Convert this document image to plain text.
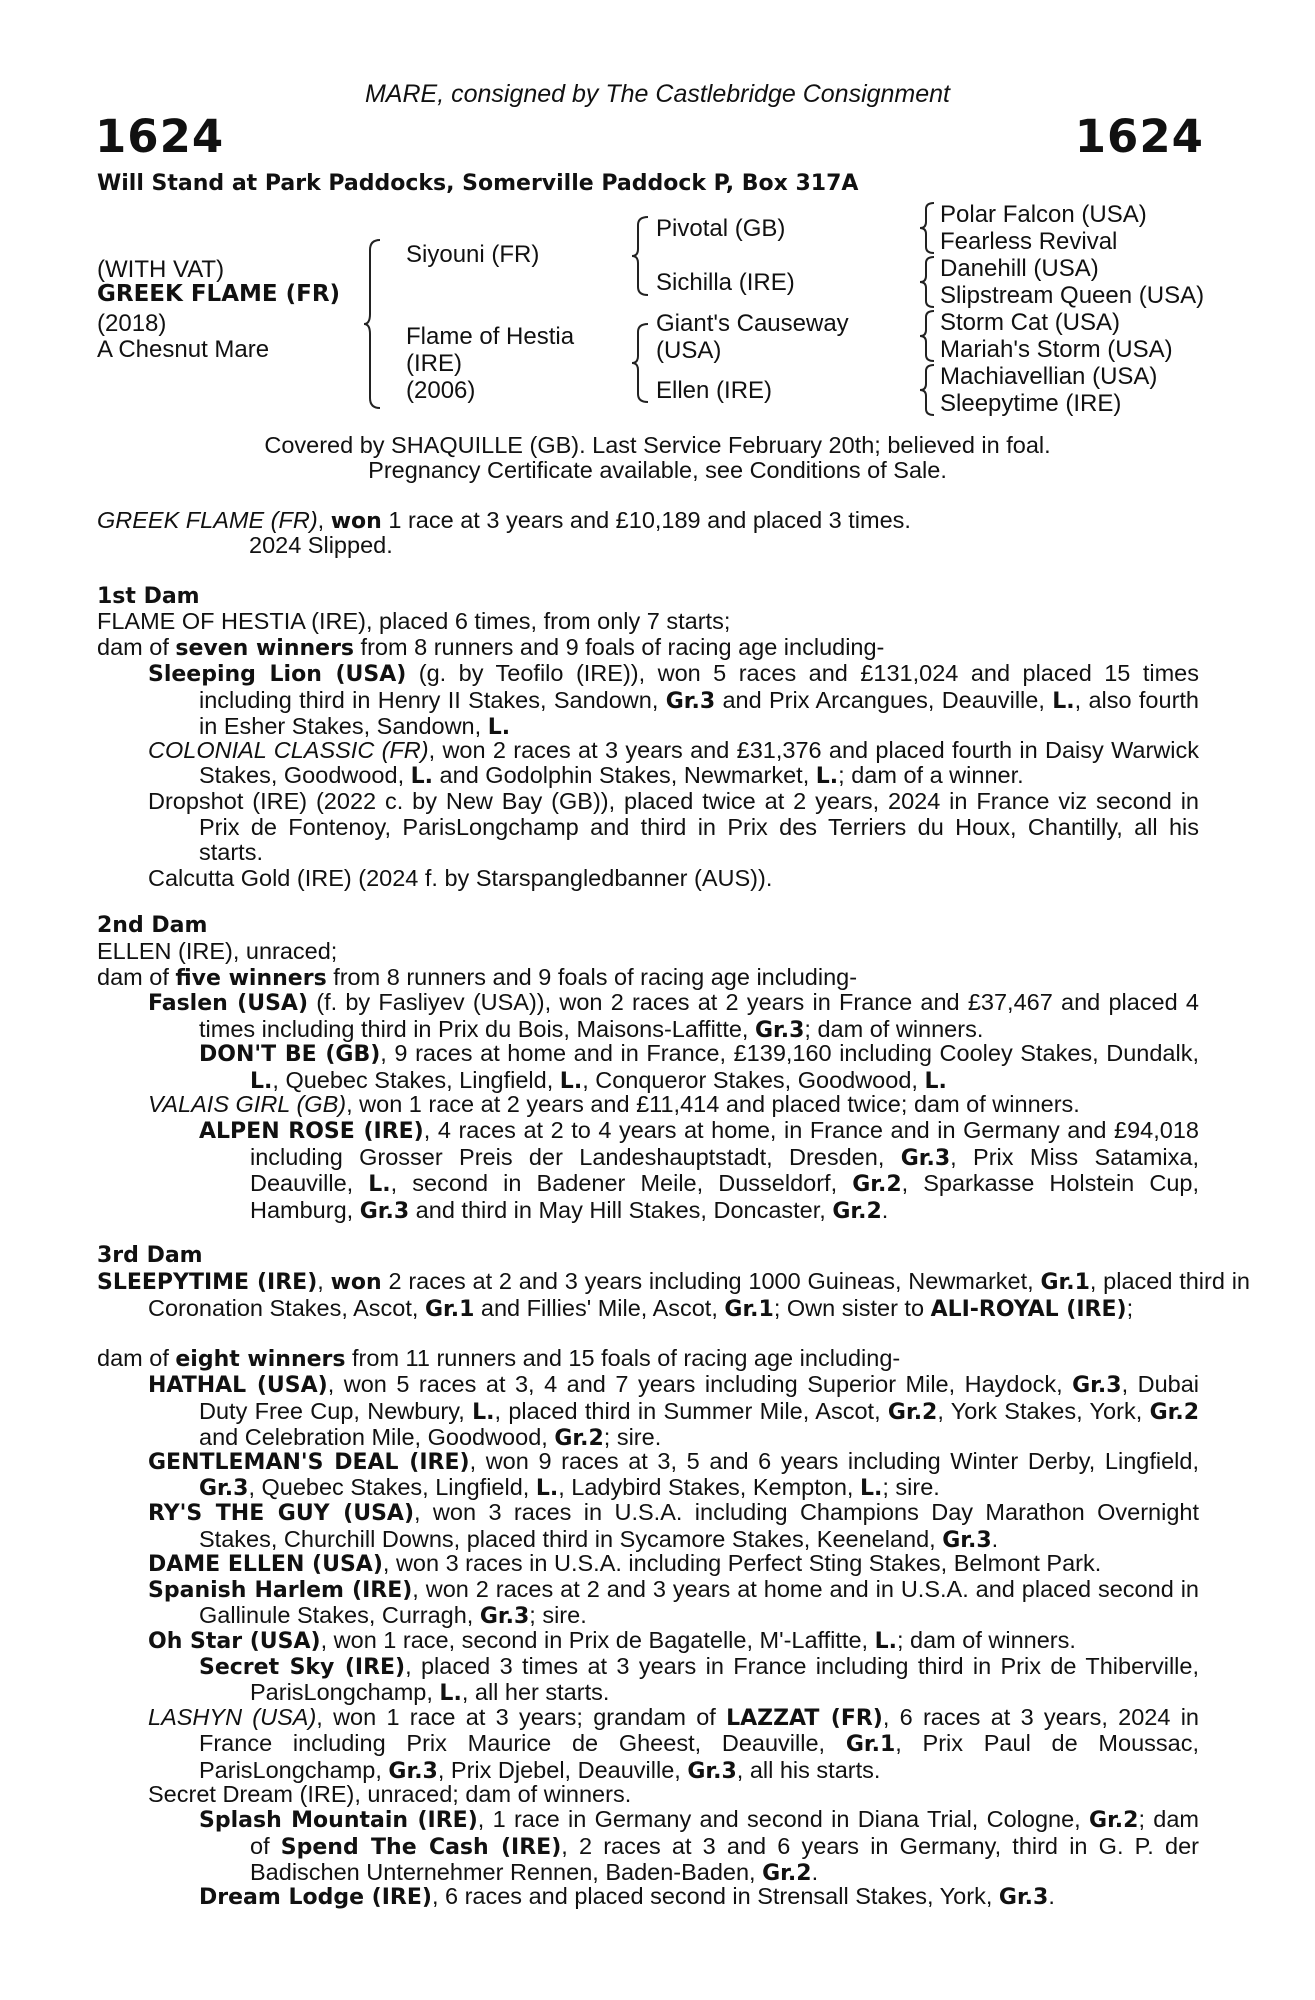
MARE, consigned by The Castlebridge Consignment
1624	1624
Will Stand at Park Paddocks, Somerville Paddock P, Box 317A
(WITH VAT)
GREEK FLAME (FR)
(2018)
A Chesnut Mare
Siyouni (FR)
Flame of Hestia
(IRE)
(2006)
Pivotal (GB)
Sichilla (IRE)
Giant's Causeway
(USA)
Ellen (IRE)
Polar Falcon (USA)
Fearless Revival
Danehill (USA)
Slipstream Queen (USA)
Storm Cat (USA)
Mariah's Storm (USA)
Machiavellian (USA)
Sleepytime (IRE)
Covered by SHAQUILLE (GB). Last Service February 20th; believed in foal.
Pregnancy Certificate available, see Conditions of Sale.
GREEK FLAME (FR), won 1 race at 3 years and £10,189 and placed 3 times.
2024 Slipped.
1st Dam
FLAME OF HESTIA (IRE), placed 6 times, from only 7 starts;
dam of seven winners from 8 runners and 9 foals of racing age including-
Sleeping Lion (USA) (g. by Teofilo (IRE)), won 5 races and £131,024 and placed 15 times including third in Henry II Stakes, Sandown, Gr.3 and Prix Arcangues, Deauville, L., also fourth in Esher Stakes, Sandown, L.
COLONIAL CLASSIC (FR), won 2 races at 3 years and £31,376 and placed fourth in Daisy Warwick Stakes, Goodwood, L. and Godolphin Stakes, Newmarket, L.; dam of a winner.
Dropshot (IRE) (2022 c. by New Bay (GB)), placed twice at 2 years, 2024 in France viz second in Prix de Fontenoy, ParisLongchamp and third in Prix des Terriers du Houx, Chantilly, all his starts.
Calcutta Gold (IRE) (2024 f. by Starspangledbanner (AUS)).
2nd Dam
ELLEN (IRE), unraced;
dam of five winners from 8 runners and 9 foals of racing age including-
Faslen (USA) (f. by Fasliyev (USA)), won 2 races at 2 years in France and £37,467 and placed 4 times including third in Prix du Bois, Maisons-Laffitte, Gr.3; dam of winners.
DON'T BE (GB), 9 races at home and in France, £139,160 including Cooley Stakes, Dundalk, L., Quebec Stakes, Lingfield, L., Conqueror Stakes, Goodwood, L.
VALAIS GIRL (GB), won 1 race at 2 years and £11,414 and placed twice; dam of winners.
ALPEN ROSE (IRE), 4 races at 2 to 4 years at home, in France and in Germany and £94,018 including Grosser Preis der Landeshauptstadt, Dresden, Gr.3, Prix Miss Satamixa, Deauville, L., second in Badener Meile, Dusseldorf, Gr.2, Sparkasse Holstein Cup, Hamburg, Gr.3 and third in May Hill Stakes, Doncaster, Gr.2.
3rd Dam
SLEEPYTIME (IRE), won 2 races at 2 and 3 years including 1000 Guineas, Newmarket, Gr.1, placed third in Coronation Stakes, Ascot, Gr.1 and Fillies' Mile, Ascot, Gr.1; Own sister to ALI-ROYAL (IRE);
dam of eight winners from 11 runners and 15 foals of racing age including-
HATHAL (USA), won 5 races at 3, 4 and 7 years including Superior Mile, Haydock, Gr.3, Dubai Duty Free Cup, Newbury, L., placed third in Summer Mile, Ascot, Gr.2, York Stakes, York, Gr.2 and Celebration Mile, Goodwood, Gr.2; sire.
GENTLEMAN'S DEAL (IRE), won 9 races at 3, 5 and 6 years including Winter Derby, Lingfield, Gr.3, Quebec Stakes, Lingfield, L., Ladybird Stakes, Kempton, L.; sire.
RY'S THE GUY (USA), won 3 races in U.S.A. including Champions Day Marathon Overnight Stakes, Churchill Downs, placed third in Sycamore Stakes, Keeneland, Gr.3.
DAME ELLEN (USA), won 3 races in U.S.A. including Perfect Sting Stakes, Belmont Park.
Spanish Harlem (IRE), won 2 races at 2 and 3 years at home and in U.S.A. and placed second in Gallinule Stakes, Curragh, Gr.3; sire.
Oh Star (USA), won 1 race, second in Prix de Bagatelle, M'-Laffitte, L.; dam of winners.
Secret Sky (IRE), placed 3 times at 3 years in France including third in Prix de Thiberville, ParisLongchamp, L., all her starts.
LASHYN (USA), won 1 race at 3 years; grandam of LAZZAT (FR), 6 races at 3 years, 2024 in France including Prix Maurice de Gheest, Deauville, Gr.1, Prix Paul de Moussac, ParisLongchamp, Gr.3, Prix Djebel, Deauville, Gr.3, all his starts.
Secret Dream (IRE), unraced; dam of winners.
Splash Mountain (IRE), 1 race in Germany and second in Diana Trial, Cologne, Gr.2; dam of Spend The Cash (IRE), 2 races at 3 and 6 years in Germany, third in G. P. der Badischen Unternehmer Rennen, Baden-Baden, Gr.2.
Dream Lodge (IRE), 6 races and placed second in Strensall Stakes, York, Gr.3.
